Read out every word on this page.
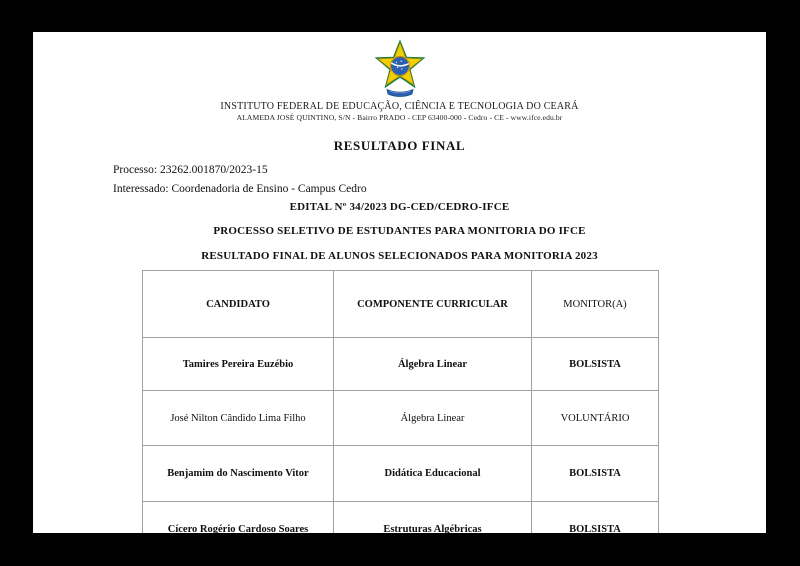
INSTITUTO FEDERAL DE EDUCAÇÃO, CIÊNCIA E TECNOLOGIA DO CEARÁ
ALAMEDA JOSÉ QUINTINO, S/N - Bairro PRADO - CEP 63400-000 - Cedro - CE - www.ifce.edu.br
RESULTADO FINAL
Processo: 23262.001870/2023-15
Interessado: Coordenadoria de Ensino - Campus Cedro
EDITAL Nº 34/2023 DG-CED/CEDRO-IFCE
PROCESSO SELETIVO DE ESTUDANTES PARA MONITORIA DO IFCE
RESULTADO FINAL DE ALUNOS SELECIONADOS PARA MONITORIA 2023
CANDIDATO	COMPONENTE CURRICULAR	MONITOR(A)
Tamires Pereira Euzébio	Álgebra Linear	BOLSISTA
José Nilton Cândido Lima Filho	Álgebra Linear	VOLUNTÁRIO
Benjamim do Nascimento Vitor	Didática Educacional	BOLSISTA
Cícero Rogério Cardoso Soares	Estruturas Algébricas	BOLSISTA
